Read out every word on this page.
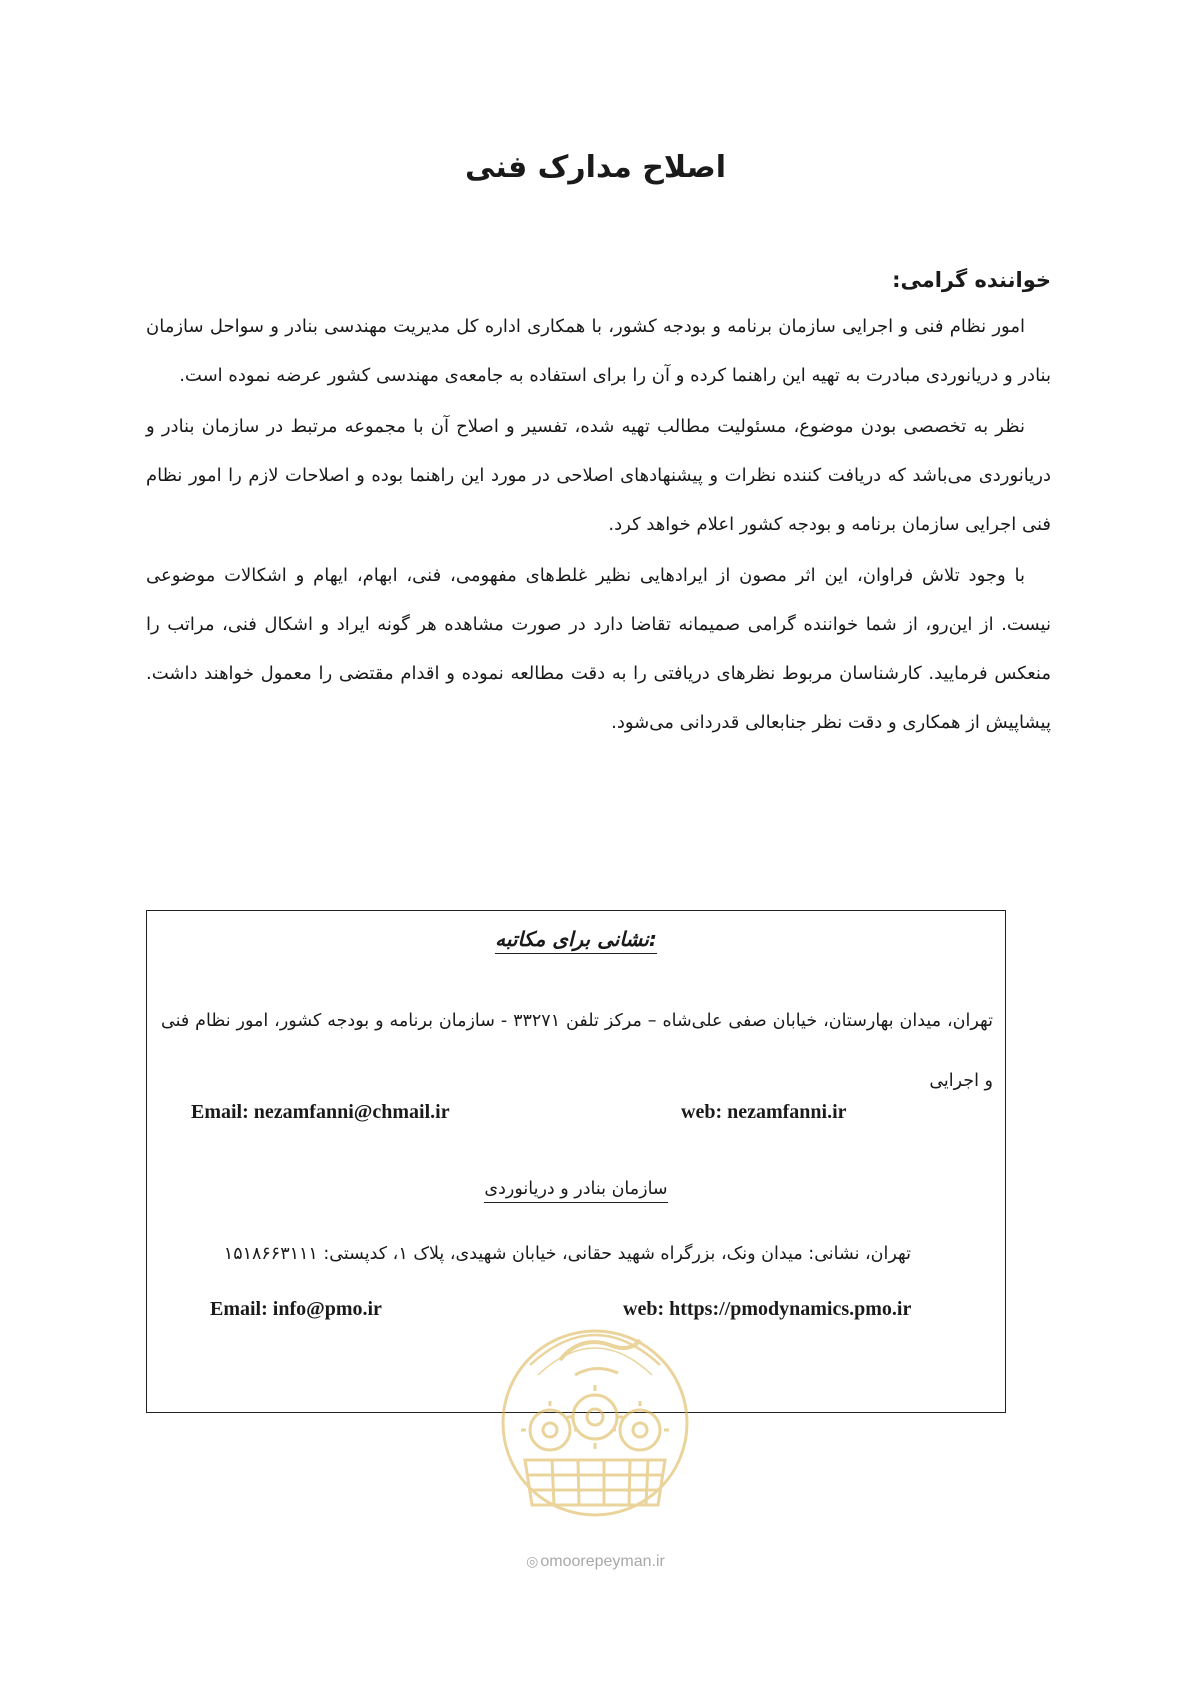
اصلاح مدارک فنی
خواننده گرامی:

امور نظام فنی و اجرایی سازمان برنامه و بودجه کشور، با همکاری اداره کل مدیریت مهندسی بنادر و سواحل سازمان بنادر و دریانوردی مبادرت به تهیه این راهنما کرده و آن را برای استفاده به جامعه‌ی مهندسی کشور عرضه نموده است.

نظر به تخصصی بودن موضوع، مسئولیت مطالب تهیه شده، تفسیر و اصلاح آن با مجموعه مرتبط در سازمان بنادر و دریانوردی می‌باشد که دریافت کننده نظرات و پیشنهادهای اصلاحی در مورد این راهنما بوده و اصلاحات لازم را امور نظام فنی اجرایی سازمان برنامه و بودجه کشور اعلام خواهد کرد.

با وجود تلاش فراوان، این اثر مصون از ایرادهایی نظیر غلط‌های مفهومی، فنی، ابهام، ایهام و اشکالات موضوعی نیست. از این‌رو، از شما خواننده گرامی صمیمانه تقاضا دارد در صورت مشاهده هر گونه ایراد و اشکال فنی، مراتب را منعکس فرمایید. کارشناسان مربوط نظرهای دریافتی را به دقت مطالعه نموده و اقدام مقتضی را معمول خواهند داشت. پیشاپیش از همکاری و دقت نظر جنابعالی قدردانی می‌شود.

نشانی برای مکاتبه:
تهران، میدان بهارستان، خیابان صفی علی‌شاه – مرکز تلفن ۳۳۲۷۱ - سازمان برنامه و بودجه کشور، امور نظام فنی و اجرایی
Email: nezamfanni@chmail.ir	web: nezamfanni.ir
سازمان بنادر و دریانوردی
تهران، نشانی: میدان ونک، بزرگراه شهید حقانی، خیابان شهیدی، پلاک ۱، کدپستی: ۱۵۱۸۶۶۳۱۱۱
Email: info@pmo.ir	web: https://pmodynamics.pmo.ir
◎ omoorepeyman.ir
